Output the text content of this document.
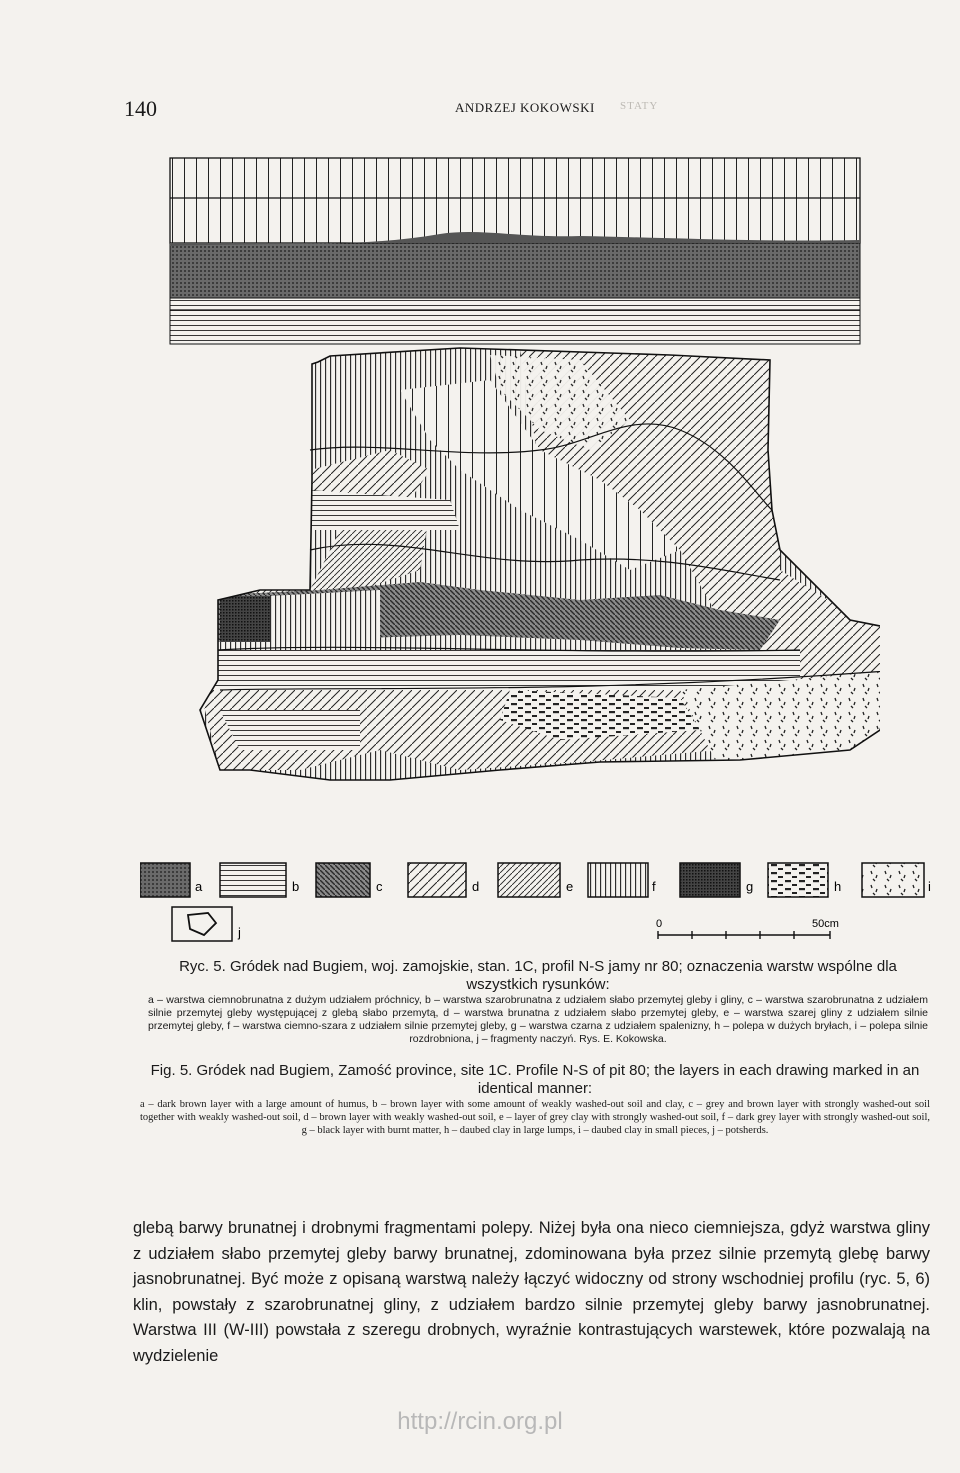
140	ANDRZEJ KOKOWSKI STATY
a	b	c	d	e	f	g	h	i
j
0	50cm
Ryc. 5. Gródek nad Bugiem, woj. zamojskie, stan. 1C, profil N-S jamy nr 80; oznaczenia warstw wspólne dla wszystkich rysunków:
a – warstwa ciemnobrunatna z dużym udziałem próchnicy, b – warstwa szarobrunatna z udziałem słabo przemytej gleby i gliny, c – warstwa szarobrunatna z udziałem silnie przemytej gleby występującej z glebą słabo przemytą, d – warstwa brunatna z udziałem słabo przemytej gleby, e – warstwa szarej gliny z udziałem silnie przemytej gleby, f – warstwa ciemno-szara z udziałem silnie przemytej gleby, g – warstwa czarna z udziałem spalenizny, h – polepa w dużych bryłach, i – polepa silnie rozdrobniona, j – fragmenty naczyń. Rys. E. Kokowska.
Fig. 5. Gródek nad Bugiem, Zamość province, site 1C. Profile N-S of pit 80; the layers in each drawing marked in an identical manner:
a – dark brown layer with a large amount of humus, b – brown layer with some amount of weakly washed-out soil and clay, c – grey and brown layer with strongly washed-out soil together with weakly washed-out soil, d – brown layer with weakly washed-out soil, e – layer of grey clay with strongly washed-out soil, f – dark grey layer with strongly washed-out soil, g – black layer with burnt matter, h – daubed clay in large lumps, i – daubed clay in small pieces, j – potsherds.
glebą barwy brunatnej i drobnymi fragmentami polepy. Niżej była ona nieco ciemniejsza, gdyż warstwa gliny z udziałem słabo przemytej gleby barwy brunatnej, zdominowana była przez silnie przemytą glebę barwy jasnobrunatnej. Być może z opisaną warstwą należy łączyć widoczny od strony wschodniej profilu (ryc. 5, 6) klin, powstały z szarobrunatnej gliny, z udziałem bardzo silnie przemytej gleby barwy jasnobrunatnej. Warstwa III (W-III) powstała z szeregu drobnych, wyraźnie kontrastujących warstewek, które pozwalają na wydzielenie
http://rcin.org.pl
